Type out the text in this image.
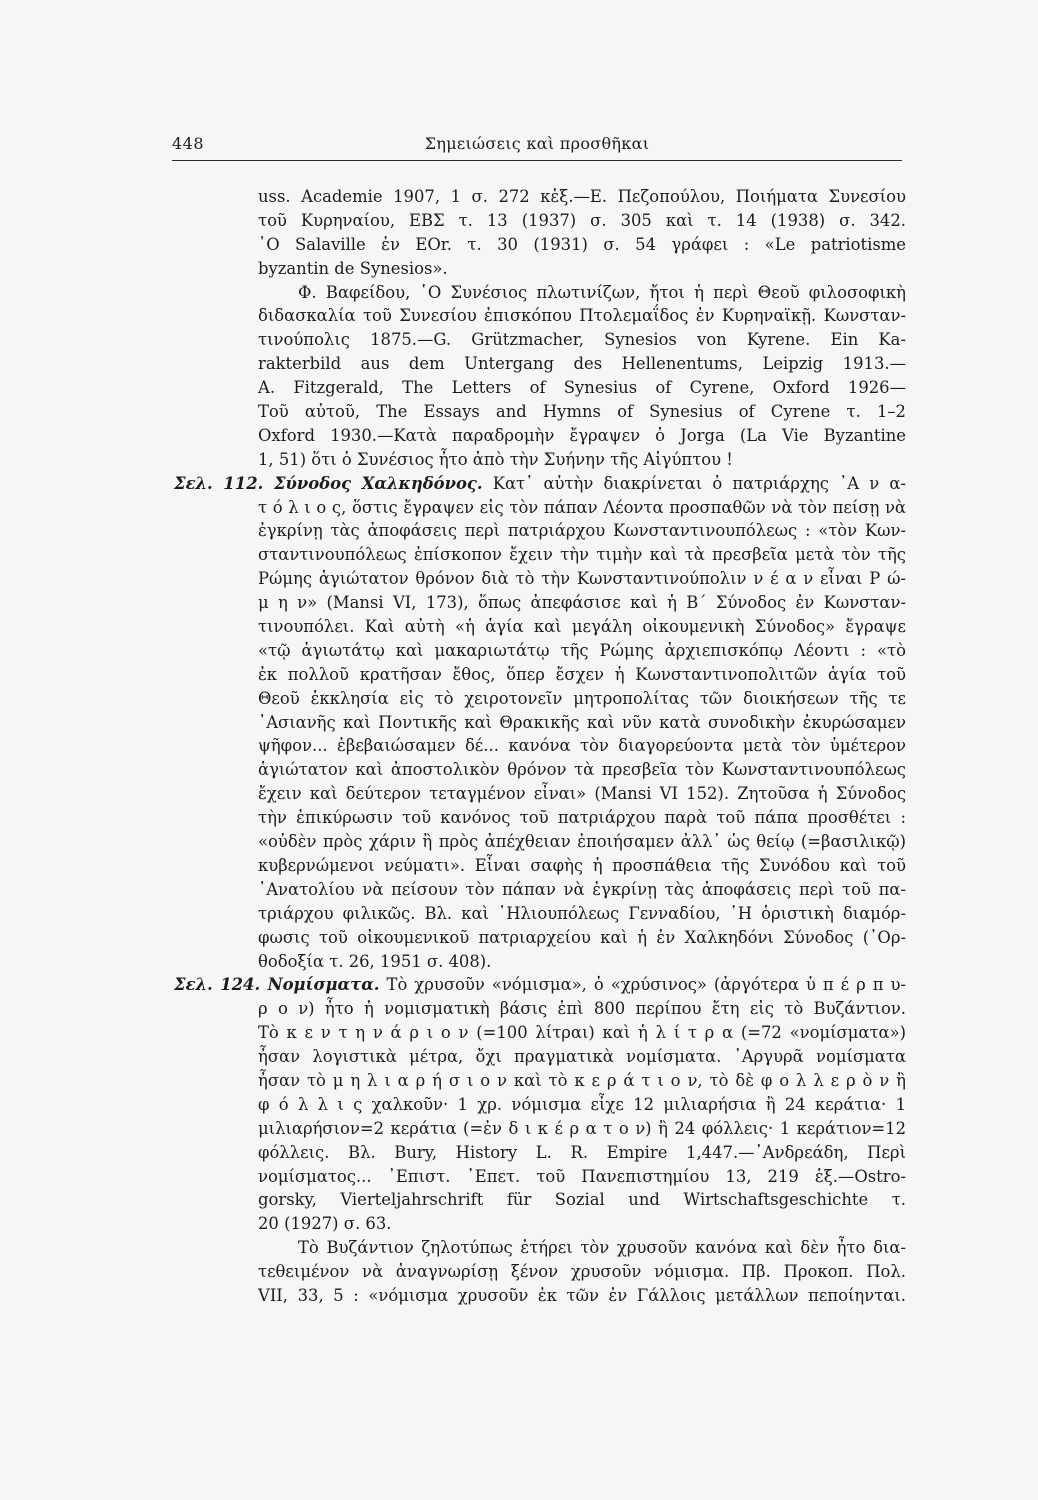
448	Σημειώσεις καὶ προσθῆκαι
uss. Academie 1907, 1 σ. 272 κἑξ.—E. Πεζοπούλου, Ποιήματα Συνεσίου
τοῦ Κυρηναίου, ΕΒΣ τ. 13 (1937) σ. 305 καὶ τ. 14 (1938) σ. 342.
῾Ο Salaville ἐν EOr. τ. 30 (1931) σ. 54 γράφει : «Le patriotisme
byzantin de Synesios».
Φ. Βαφείδου, ῾Ο Συνέσιος πλωτινίζων, ἤτοι ἡ περὶ Θεοῦ φιλοσοφικὴ
διδασκαλία τοῦ Συνεσίου ἐπισκόπου Πτολεμαΐδος ἐν Κυρηναϊκῇ. Κωνσταν-
τινούπολις 1875.—G. Grützmacher, Synesios von Kyrene. Ein Ka-
rakterbild aus dem Untergang des Hellenentums, Leipzig 1913.—
A. Fitzgerald, The Letters of Synesius of Cyrene, Oxford 1926—
Τοῦ αὐτοῦ, The Essays and Hymns of Synesius of Cyrene τ. 1–2
Oxford 1930.—Κατὰ παραδρομὴν ἔγραψεν ὁ Jorga (La Vie Byzantine
1, 51) ὅτι ὁ Συνέσιος ἦτο ἀπὸ τὴν Συήνην τῆς Αἰγύπτου !
Σελ. 112. Σύνοδος Χαλκηδόνος. Κατ᾿ αὐτὴν διακρίνεται ὁ πατριάρχης ᾿Α ν α-
τ ό λ ι ο ς, ὅστις ἔγραψεν εἰς τὸν πάπαν Λέοντα προσπαθῶν νὰ τὸν πείσῃ νὰ
ἐγκρίνῃ τὰς ἀποφάσεις περὶ πατριάρχου Κωνσταντινουπόλεως : «τὸν Κων-
σταντινουπόλεως ἐπίσκοπον ἔχειν τὴν τιμὴν καὶ τὰ πρεσβεῖα μετὰ τὸν τῆς
Ρώμης ἁγιώτατον θρόνον διὰ τὸ τὴν Κωνσταντινούπολιν ν έ α ν εἶναι Ρ ώ-
μ η ν» (Mansi VI, 173), ὅπως ἀπεφάσισε καὶ ἡ Β΄ Σύνοδος ἐν Κωνσταν-
τινουπόλει. Καὶ αὐτὴ «ἡ ἁγία καὶ μεγάλη οἰκουμενικὴ Σύνοδος» ἔγραψε
«τῷ ἁγιωτάτῳ καὶ μακαριωτάτῳ τῆς Ρώμης ἀρχιεπισκόπῳ Λέοντι : «τὸ
ἐκ πολλοῦ κρατῆσαν ἔθος, ὅπερ ἔσχεν ἡ Κωνσταντινοπολιτῶν ἁγία τοῦ
Θεοῦ ἐκκλησία εἰς τὸ χειροτονεῖν μητροπολίτας τῶν διοικήσεων τῆς τε
᾿Ασιανῆς καὶ Ποντικῆς καὶ Θρακικῆς καὶ νῦν κατὰ συνοδικὴν ἐκυρώσαμεν
ψῆφον... ἐβεβαιώσαμεν δέ... κανόνα τὸν διαγορεύοντα μετὰ τὸν ὑμέτερον
ἁγιώτατον καὶ ἀποστολικὸν θρόνον τὰ πρεσβεῖα τὸν Κωνσταντινουπόλεως
ἔχειν καὶ δεύτερον τεταγμένον εἶναι» (Mansi VI 152). Ζητοῦσα ἡ Σύνοδος
τὴν ἐπικύρωσιν τοῦ κανόνος τοῦ πατριάρχου παρὰ τοῦ πάπα προσθέτει :
«οὐδὲν πρὸς χάριν ἢ πρὸς ἀπέχθειαν ἐποιήσαμεν ἀλλ᾿ ὡς θείῳ (=βασιλικῷ)
κυβερνώμενοι νεύματι». Εἶναι σαφὴς ἡ προσπάθεια τῆς Συνόδου καὶ τοῦ
᾿Ανατολίου νὰ πείσουν τὸν πάπαν νὰ ἐγκρίνῃ τὰς ἀποφάσεις περὶ τοῦ πα-
τριάρχου φιλικῶς. Βλ. καὶ ῾Ηλιουπόλεως Γενναδίου, ῾Η ὁριστικὴ διαμόρ-
φωσις τοῦ οἰκουμενικοῦ πατριαρχείου καὶ ἡ ἐν Χαλκηδόνι Σύνοδος (᾿Ορ-
θοδοξία τ. 26, 1951 σ. 408).
Σελ. 124. Νομίσματα. Τὸ χρυσοῦν «νόμισμα», ὁ «χρύσινος» (ἀργότερα ὑ π έ ρ π υ-
ρ ο ν) ἦτο ἡ νομισματικὴ βάσις ἐπὶ 800 περίπου ἔτη εἰς τὸ Βυζάντιον.
Τὸ κ ε ν τ η ν ά ρ ι ο ν (=100 λίτραι) καὶ ἡ λ ί τ ρ α (=72 «νομίσματα»)
ἦσαν λογιστικὰ μέτρα, ὄχι πραγματικὰ νομίσματα. ᾿Αργυρᾶ νομίσματα
ἦσαν τὸ μ η λ ι α ρ ή σ ι ο ν καὶ τὸ κ ε ρ ά τ ι ο ν, τὸ δὲ φ ο λ λ ε ρ ὸ ν ἢ
φ ό λ λ ι ς χαλκοῦν· 1 χρ. νόμισμα εἶχε 12 μιλιαρήσια ἢ 24 κεράτια· 1
μιλιαρήσιον=2 κεράτια (=ἐν δ ι κ έ ρ α τ ο ν) ἢ 24 φόλλεις· 1 κεράτιον=12
φόλλεις. Βλ. Bury, History L. R. Empire 1,447.—᾿Ανδρεάδη, Περὶ
νομίσματος... ᾿Επιστ. ᾿Επετ. τοῦ Πανεπιστημίου 13, 219 ἑξ.—Ostro-
gorsky, Vierteljahrschrift für Sozial und Wirtschaftsgeschichte τ.
20 (1927) σ. 63.
Τὸ Βυζάντιον ζηλοτύπως ἐτήρει τὸν χρυσοῦν κανόνα καὶ δὲν ἦτο δια-
τεθειμένον νὰ ἀναγνωρίσῃ ξένον χρυσοῦν νόμισμα. Πβ. Προκοπ. Πολ.
VII, 33, 5 : «νόμισμα χρυσοῦν ἐκ τῶν ἐν Γάλλοις μετάλλων πεποίηνται.
